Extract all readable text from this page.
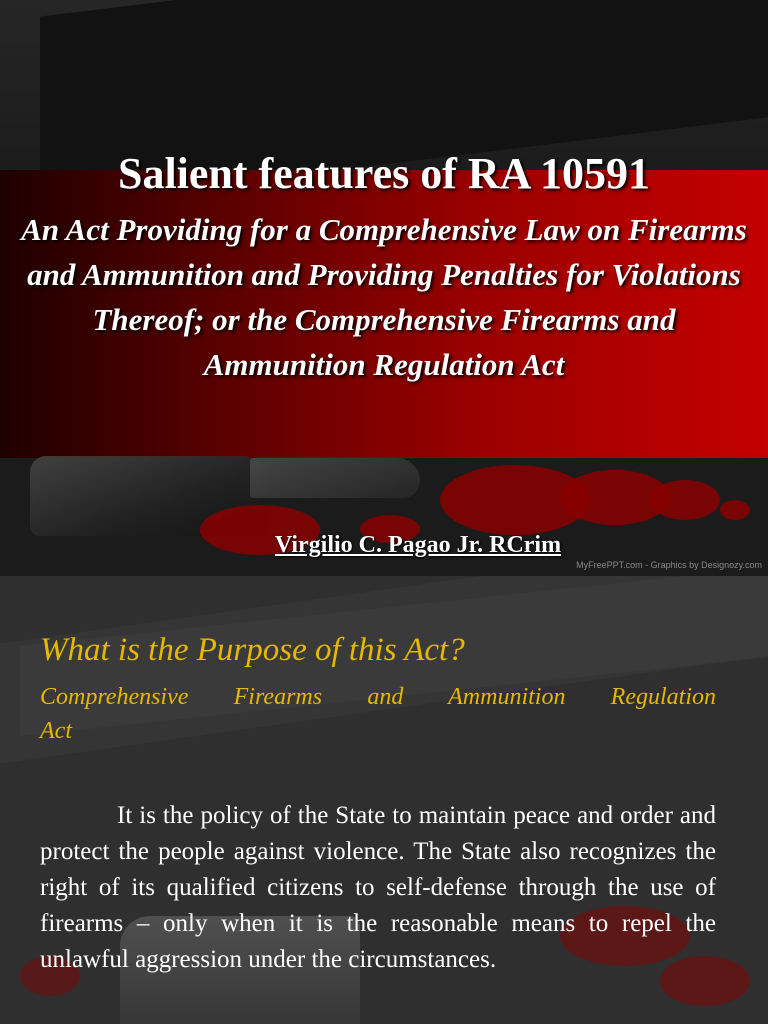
Salient features of RA 10591
An Act Providing for a Comprehensive Law on Firearms and Ammunition and Providing Penalties for Violations Thereof; or the Comprehensive Firearms and Ammunition Regulation Act
Virgilio C. Pagao Jr. RCrim
MyFreePPT.com - Graphics by Designozy.com
What is the Purpose of this Act?
Comprehensive Firearms and Ammunition Regulation
Act
It is the policy of the State to maintain peace and order and protect the people against violence. The State also recognizes the right of its qualified citizens to self-defense through the use of firearms – only when it is the reasonable means to repel the unlawful aggression under the circumstances.
